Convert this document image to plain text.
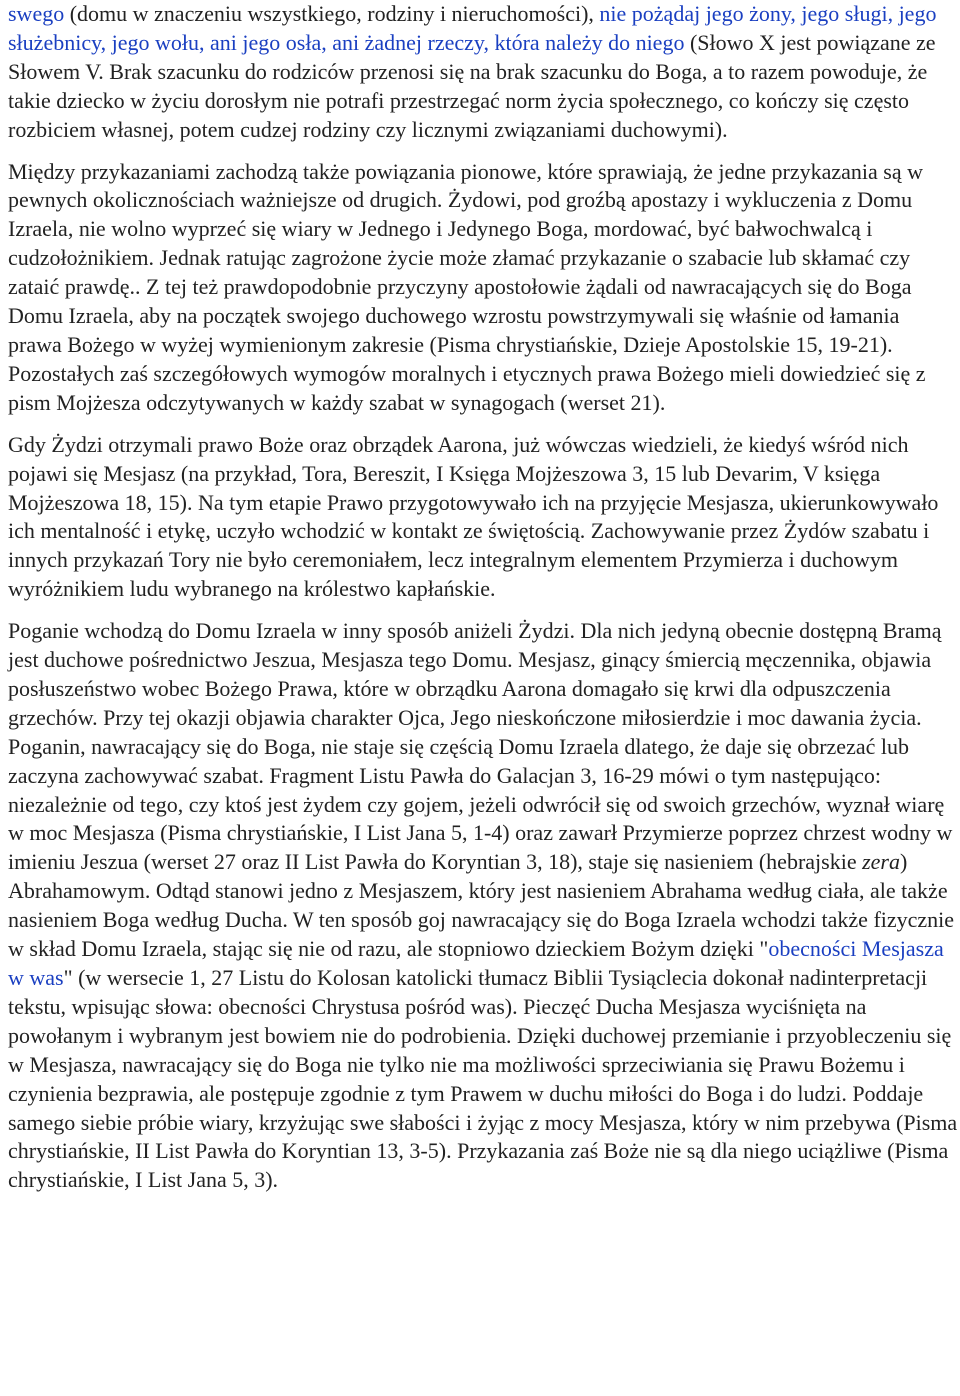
swego (domu w znaczeniu wszystkiego, rodziny i nieruchomości), nie pożądaj jego żony, jego sługi, jego służebnicy, jego wołu, ani jego osła, ani żadnej rzeczy, która należy do niego (Słowo X jest powiązane ze Słowem V. Brak szacunku do rodziców przenosi się na brak szacunku do Boga, a to razem powoduje, że takie dziecko w życiu dorosłym nie potrafi przestrzegać norm życia społecznego, co kończy się często rozbiciem własnej, potem cudzej rodziny czy licznymi związaniami duchowymi).

Między przykazaniami zachodzą także powiązania pionowe, które sprawiają, że jedne przykazania są w pewnych okolicznościach ważniejsze od drugich. Żydowi, pod groźbą apostazy i wykluczenia z Domu Izraela, nie wolno wyprzeć się wiary w Jednego i Jedynego Boga, mordować, być bałwochwalcą i cudzołożnikiem. Jednak ratując zagrożone życie może złamać przykazanie o szabacie lub skłamać czy zataić prawdę.. Z tej też prawdopodobnie przyczyny apostołowie żądali od nawracających się do Boga Domu Izraela, aby na początek swojego duchowego wzrostu powstrzymywali się właśnie od łamania prawa Bożego w wyżej wymienionym zakresie (Pisma chrystiańskie, Dzieje Apostolskie 15, 19-21). Pozostałych zaś szczegółowych wymogów moralnych i etycznych prawa Bożego mieli dowiedzieć się z pism Mojżesza odczytywanych w każdy szabat w synagogach (werset 21).

Gdy Żydzi otrzymali prawo Boże oraz obrządek Aarona, już wówczas wiedzieli, że kiedyś wśród nich pojawi się Mesjasz (na przykład, Tora, Bereszit, I Księga Mojżeszowa 3, 15 lub Devarim, V księga Mojżeszowa 18, 15). Na tym etapie Prawo przygotowywało ich na przyjęcie Mesjasza, ukierunkowywało ich mentalność i etykę, uczyło wchodzić w kontakt ze świętością. Zachowywanie przez Żydów szabatu i innych przykazań Tory nie było ceremoniałem, lecz integralnym elementem Przymierza i duchowym wyróżnikiem ludu wybranego na królestwo kapłańskie.

Poganie wchodzą do Domu Izraela w inny sposób aniżeli Żydzi. Dla nich jedyną obecnie dostępną Bramą jest duchowe pośrednictwo Jeszua, Mesjasza tego Domu. Mesjasz, ginący śmiercią męczennika, objawia posłuszeństwo wobec Bożego Prawa, które w obrządku Aarona domagało się krwi dla odpuszczenia grzechów. Przy tej okazji objawia charakter Ojca, Jego nieskończone miłosierdzie i moc dawania życia. Poganin, nawracający się do Boga, nie staje się częścią Domu Izraela dlatego, że daje się obrzezać lub zaczyna zachowywać szabat. Fragment Listu Pawła do Galacjan 3, 16-29 mówi o tym następująco: niezależnie od tego, czy ktoś jest żydem czy gojem, jeżeli odwrócił się od swoich grzechów, wyznał wiarę w moc Mesjasza (Pisma chrystiańskie, I List Jana 5, 1-4) oraz zawarł Przymierze poprzez chrzest wodny w imieniu Jeszua (werset 27 oraz II List Pawła do Koryntian 3, 18), staje się nasieniem (hebrajskie zera) Abrahamowym. Odtąd stanowi jedno z Mesjaszem, który jest nasieniem Abrahama według ciała, ale także nasieniem Boga według Ducha. W ten sposób goj nawracający się do Boga Izraela wchodzi także fizycznie w skład Domu Izraela, stając się nie od razu, ale stopniowo dzieckiem Bożym dzięki "obecności Mesjasza w was" (w wersecie 1, 27 Listu do Kolosan katolicki tłumacz Biblii Tysiąclecia dokonał nadinterpretacji tekstu, wpisując słowa: obecności Chrystusa pośród was). Pieczęć Ducha Mesjasza wyciśnięta na powołanym i wybranym jest bowiem nie do podrobienia. Dzięki duchowej przemianie i przyobleczeniu się w Mesjasza, nawracający się do Boga nie tylko nie ma możliwości sprzeciwiania się Prawu Bożemu i czynienia bezprawia, ale postępuje zgodnie z tym Prawem w duchu miłości do Boga i do ludzi. Poddaje samego siebie próbie wiary, krzyżując swe słabości i żyjąc z mocy Mesjasza, który w nim przebywa (Pisma chrystiańskie, II List Pawła do Koryntian 13, 3-5). Przykazania zaś Boże nie są dla niego uciążliwe (Pisma chrystiańskie, I List Jana 5, 3).
